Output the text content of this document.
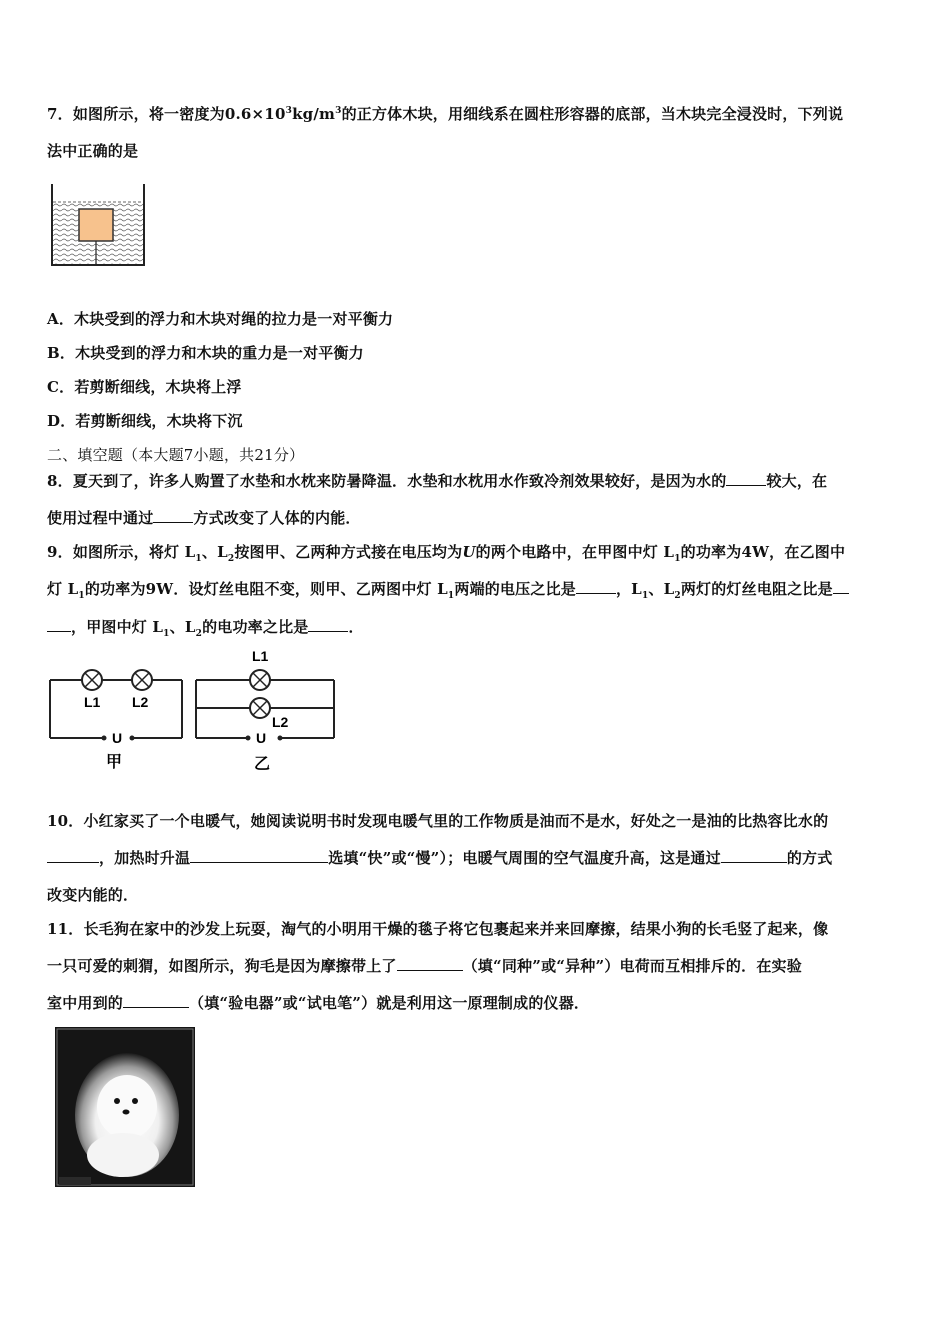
7．如图所示，将一密度为$0.6\times 10^3kg/m^3$的正方体木块，用细线系在圆柱形容器的底部，当木块完全浸没时，下列说
法中正确的是
A．木块受到的浮力和木块对绳的拉力是一对平衡力
B．木块受到的浮力和木块的重力是一对平衡力
C．若剪断细线，木块将上浮
D．若剪断细线，木块将下沉
二、填空题（本大题7小题，共21分）
8．夏天到了，许多人购置了水垫和水枕来防暑降温．水垫和水枕用水作致冷剂效果较好，是因为水的	较大，在
使用过程中通过	方式改变了人体的内能．
9．如图所示，将灯 $L_1$、$L_2$按图甲、乙两种方式接在电压均为U的两个电路中，在甲图中灯 $L_1$的功率为4W，在乙图中
灯 $L_1$的功率为9W．设灯丝电阻不变，则甲、乙两图中灯 $L_1$两端的电压之比是	，$L_1$、$L_2$两灯的灯丝电阻之比是
，甲图中灯 $L_1$、$L_2$的电功率之比是	．
L1 L2
U
甲
L1
L2
U
乙
10．小红家买了一个电暖气，她阅读说明书时发现电暖气里的工作物质是油而不是水，好处之一是油的比热容比水的
，加热时升温	选填“快”或“慢”）；电暖气周围的空气温度升高，这是通过	的方式
改变内能的．
11．长毛狗在家中的沙发上玩耍，淘气的小明用干燥的毯子将它包裹起来并来回摩擦，结果小狗的长毛竖了起来，像
一只可爱的刺猬，如图所示，狗毛是因为摩擦带上了	（填“同种”或“异种”）电荷而互相排斥的．在实验
室中用到的	（填“验电器”或“试电笔”）就是利用这一原理制成的仪器．
